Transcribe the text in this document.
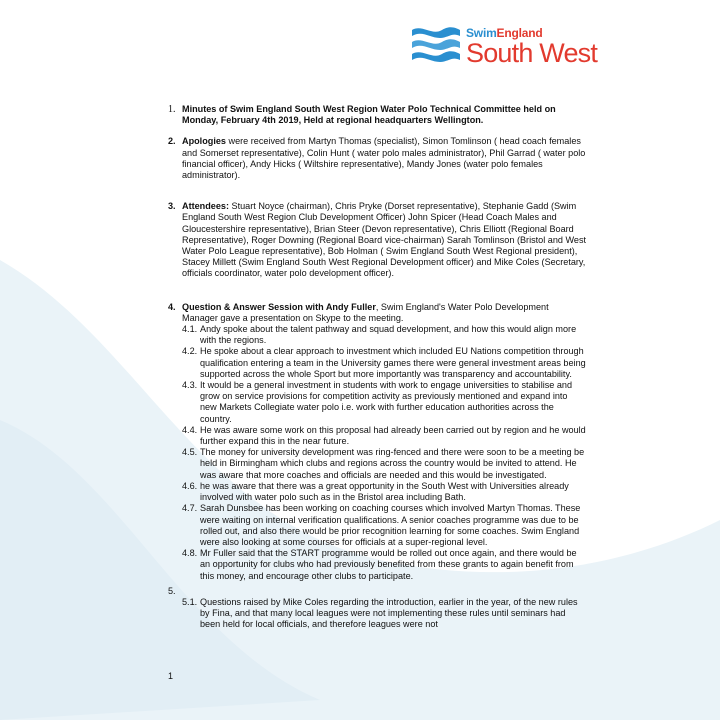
SwimEngland
South West
1. Minutes of Swim England South West Region Water Polo Technical Committee held on Monday, February 4th 2019, Held at regional headquarters Wellington.
2. Apologies were received from Martyn Thomas (specialist), Simon Tomlinson ( head coach females and Somerset representative), Colin Hunt ( water polo males administrator), Phil Garrad ( water polo financial officer), Andy Hicks ( Wiltshire representative), Mandy Jones (water polo females administrator).
3. Attendees: Stuart Noyce (chairman), Chris Pryke (Dorset representative), Stephanie Gadd (Swim England South West Region Club Development Officer) John Spicer (Head Coach Males and Gloucestershire representative), Brian Steer (Devon representative), Chris Elliott (Regional Board Representative), Roger Downing (Regional Board vice-chairman) Sarah Tomlinson (Bristol and West Water Polo League representative), Bob Holman ( Swim England South West Regional president), Stacey Millett (Swim England South West Regional Development officer) and Mike Coles (Secretary, officials coordinator, water polo development officer).
4. Question & Answer Session with Andy Fuller, Swim England's Water Polo Development Manager gave a presentation on Skype to the meeting.
4.1. Andy spoke about the talent pathway and squad development, and how this would align more with the regions.
4.2. He spoke about a clear approach to investment which included EU Nations competition through qualification entering a team in the University games there were general investment areas being supported across the whole Sport but more importantly was transparency and accountability.
4.3. It would be a general investment in students with work to engage universities to stabilise and grow on service provisions for competition activity as previously mentioned and expand into new Markets Collegiate water polo i.e. work with further education authorities across the country.
4.4. He was aware some work on this proposal had already been carried out by region and he would further expand this in the near future.
4.5. The money for university development was ring-fenced and there were soon to be a meeting be held in Birmingham which clubs and regions across the country would be invited to attend. He was aware that more coaches and officials are needed and this would be investigated.
4.6. he was aware that there was a great opportunity in the South West with Universities already involved with water polo such as in the Bristol area including Bath.
4.7. Sarah Dunsbee has been working on coaching courses which involved Martyn Thomas. These were waiting on internal verification qualifications. A senior coaches programme was due to be rolled out, and also there would be prior recognition learning for some coaches. Swim England were also looking at some courses for officials at a super-regional level.
4.8. Mr Fuller said that the START programme would be rolled out once again, and there would be an opportunity for clubs who had previously benefited from these grants to again benefit from this money, and encourage other clubs to participate.
5.
5.1. Questions raised by Mike Coles regarding the introduction, earlier in the year, of the new rules by Fina, and that many local leagues were not implementing these rules until seminars had been held for local officials, and therefore leagues were not
1
